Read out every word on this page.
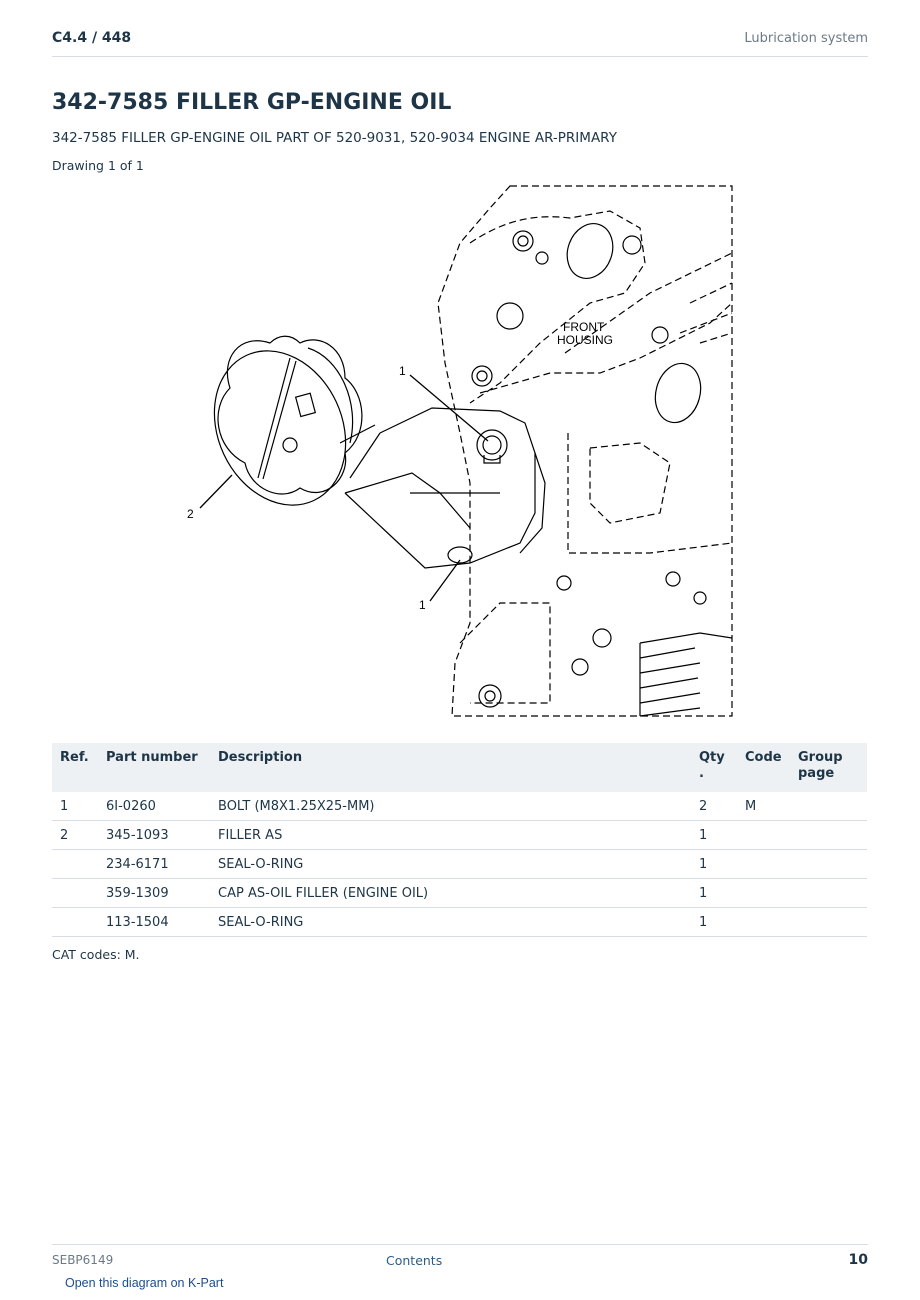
C4.4 / 448	Lubrication system
342-7585 FILLER GP-ENGINE OIL
342-7585 FILLER GP-ENGINE OIL PART OF 520-9031, 520-9034 ENGINE AR-PRIMARY
Drawing 1 of 1
FRONT
HOUSING
1
2
1
Ref.	Part number	Description	Qty .	Code	Group page
1	6I-0260	BOLT (M8X1.25X25-MM)	2	M	
2	345-1093	FILLER AS	1		
	234-6171	SEAL-O-RING	1		
	359-1309	CAP AS-OIL FILLER (ENGINE OIL)	1		
	113-1504	SEAL-O-RING	1		
CAT codes: M.
SEBP6149	Contents	10
Open this diagram on K-Part
